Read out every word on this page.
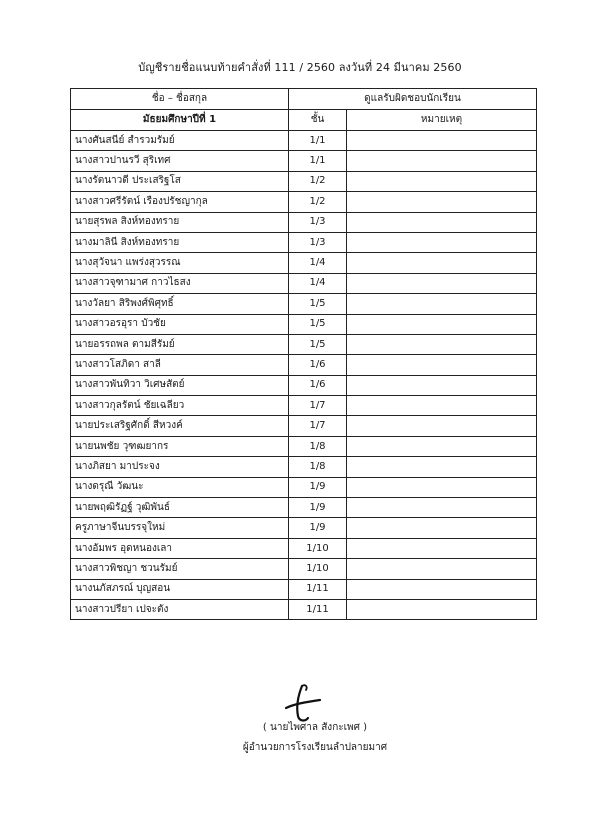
บัญชีรายชื่อแนบท้ายคำสั่งที่ 111 / 2560 ลงวันที่ 24 มีนาคม 2560
ชื่อ – ชื่อสกุล	ดูแลรับผิดชอบนักเรียน	
มัธยมศึกษาปีที่ 1	ชั้น	หมายเหตุ
นางศันสนีย์ สำรวมรัมย์	1/1	
นางสาวปานรวี สุริเทศ	1/1	
นางรัตนาวดี ประเสริฐโส	1/2	
นางสาวศรีรัตน์ เรืองปรัชญากุล	1/2	
นายสุรพล สิงห์ทองทราย	1/3	
นางมาลินี สิงห์ทองทราย	1/3	
นางสุวัจนา แพร่งสุวรรณ	1/4	
นางสาวจุฑามาศ กาวไธสง	1/4	
นางวัลยา สิริพงศ์พิศุทธิ์	1/5	
นางสาวอรอุรา บัวชัย	1/5	
นายอรรถพล ตามสีรัมย์	1/5	
นางสาวโสภิดา สาลี	1/6	
นางสาวพันทิวา วิเศษสัตย์	1/6	
นางสาวกุลรัตน์ ชัยเฉลียว	1/7	
นายประเสริฐศักดิ์ สีหวงค์	1/7	
นายนพชัย วุฑฒยากร	1/8	
นางภิสยา มาประจง	1/8	
นางดรุณี วัฒนะ	1/9	
นายพฤฒิรัฏฐ์ วุฒิพันธ์	1/9	
ครูภาษาจีนบรรจุใหม่	1/9	
นางอัมพร อุดหนองเลา	1/10	
นางสาวพิชญา ชวนรัมย์	1/10	
นางนภัสภรณ์ บุญสอน	1/11	
นางสาวปรียา เปจะตัง	1/11	
( นายไพศาล สังกะเพศ )
ผู้อำนวยการโรงเรียนลำปลายมาศ
